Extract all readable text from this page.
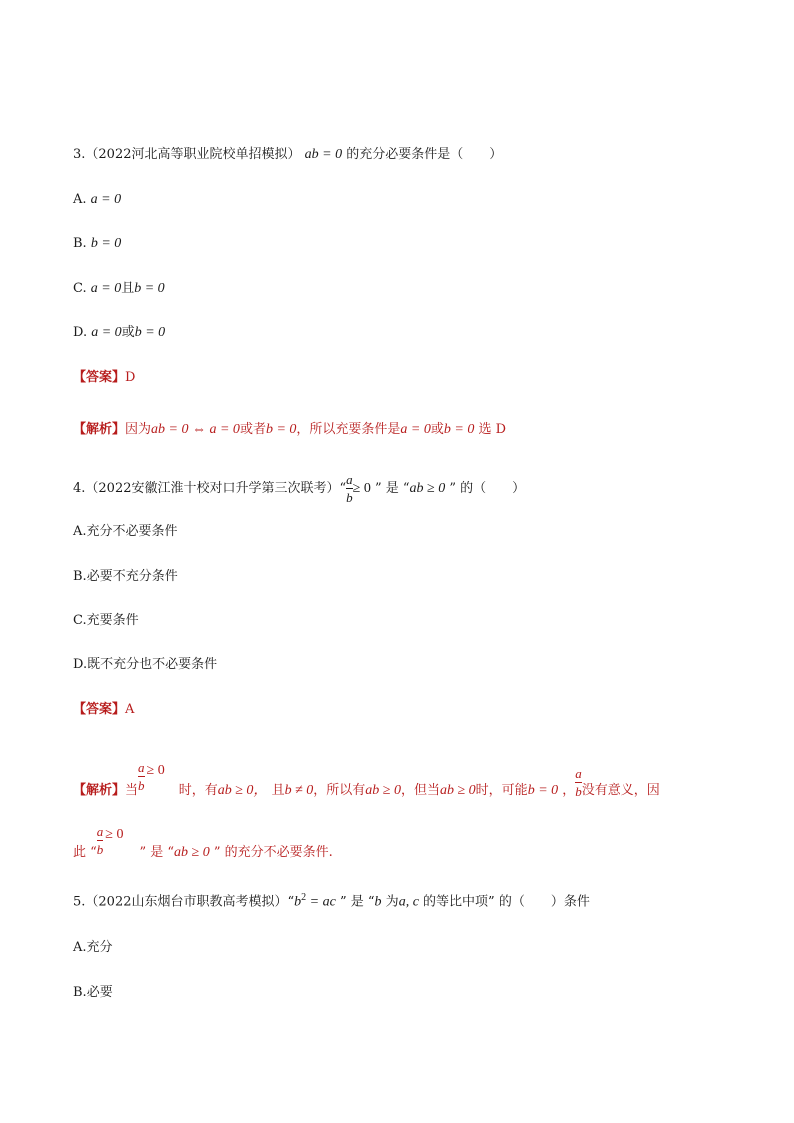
3.（2022河北高等职业院校单招模拟） ab = 0 的充分必要条件是（　　）
A. a = 0
B. b = 0
C. a = 0且b = 0
D. a = 0或b = 0
【答案】D
【解析】因为ab = 0 ⇔ a = 0或者b = 0，所以充要条件是a = 0或b = 0 选 D
4.（2022安徽江淮十校对口升学第三次联考）“ $\frac{a}{b} \ge 0$ ” 是 “ab ≥ 0 ” 的（　　）
A.充分不必要条件
B.必要不充分条件
C.充要条件
D.既不充分也不必要条件
【答案】A
【解析】当 $\frac{a}{b} \ge 0$时，有ab ≥ 0， 且b ≠ 0，所以有ab ≥ 0，但当ab ≥ 0时，可能b = 0 ， $\frac{a}{b}$ 没有意义，因
此 “ $\frac{a}{b} \ge 0$” 是 “ab ≥ 0 ” 的充分不必要条件.
5.（2022山东烟台市职教高考模拟）“$b^2$ = ac ” 是 “b 为a, c 的等比中项” 的（　　）条件
A.充分
B.必要
